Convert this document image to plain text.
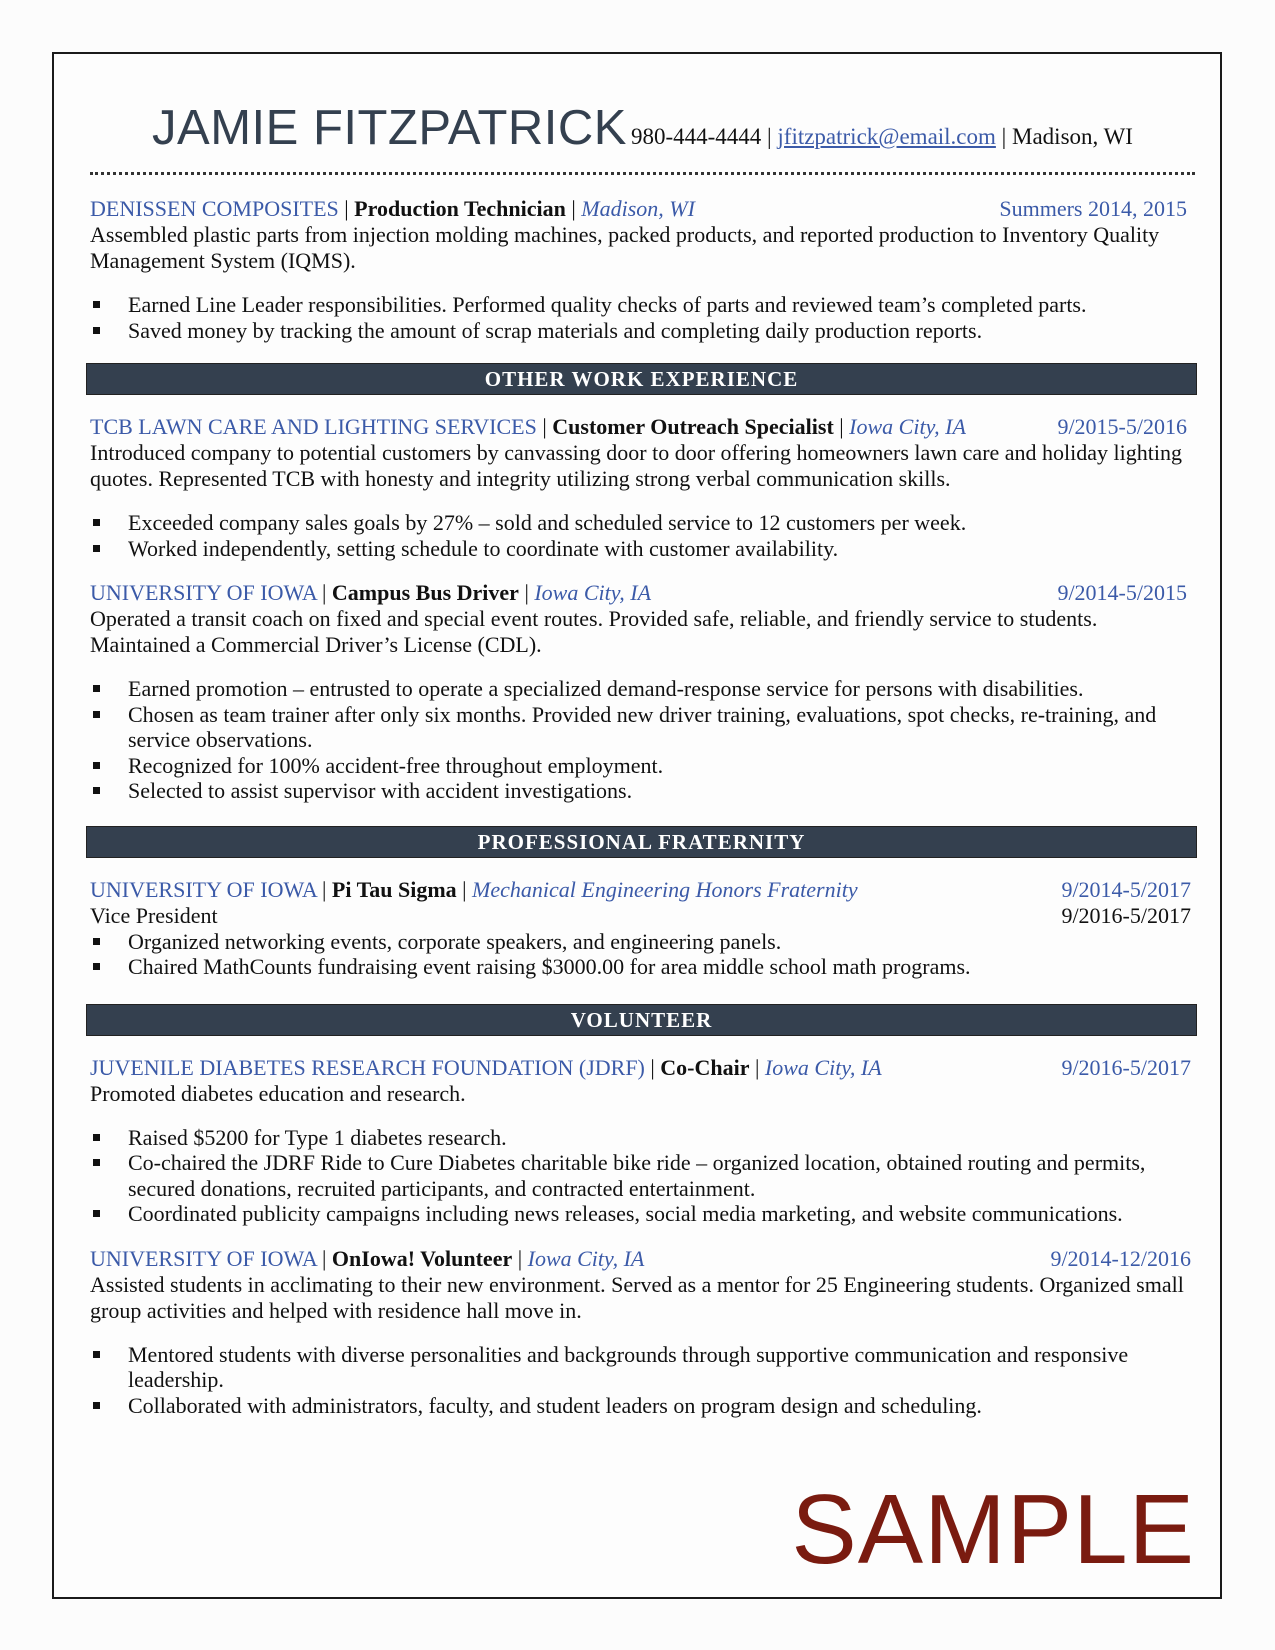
JAMIE FITZPATRICK 980-444-4444 | jfitzpatrick@email.com | Madison, WI
DENISSEN COMPOSITES | Production Technician | Madison, WI	Summers 2014, 2015

Assembled plastic parts from injection molding machines, packed products, and reported production to Inventory Quality Management System (IQMS).

Earned Line Leader responsibilities. Performed quality checks of parts and reviewed team’s completed parts.
Saved money by tracking the amount of scrap materials and completing daily production reports.
OTHER WORK EXPERIENCE
TCB LAWN CARE AND LIGHTING SERVICES | Customer Outreach Specialist | Iowa City, IA	9/2015-5/2016

Introduced company to potential customers by canvassing door to door offering homeowners lawn care and holiday lighting quotes. Represented TCB with honesty and integrity utilizing strong verbal communication skills.

Exceeded company sales goals by 27% – sold and scheduled service to 12 customers per week.
Worked independently, setting schedule to coordinate with customer availability.
UNIVERSITY OF IOWA | Campus Bus Driver | Iowa City, IA	9/2014-5/2015

Operated a transit coach on fixed and special event routes. Provided safe, reliable, and friendly service to students. Maintained a Commercial Driver’s License (CDL).

Earned promotion – entrusted to operate a specialized demand-response service for persons with disabilities.
Chosen as team trainer after only six months. Provided new driver training, evaluations, spot checks, re-training, and service observations.
Recognized for 100% accident-free throughout employment.
Selected to assist supervisor with accident investigations.
PROFESSIONAL FRATERNITY
UNIVERSITY OF IOWA | Pi Tau Sigma | Mechanical Engineering Honors Fraternity	9/2014-5/2017
Vice President	9/2016-5/2017
Organized networking events, corporate speakers, and engineering panels.
Chaired MathCounts fundraising event raising $3000.00 for area middle school math programs.
VOLUNTEER
JUVENILE DIABETES RESEARCH FOUNDATION (JDRF) | Co-Chair | Iowa City, IA	9/2016-5/2017

Promoted diabetes education and research.

Raised $5200 for Type 1 diabetes research.
Co-chaired the JDRF Ride to Cure Diabetes charitable bike ride – organized location, obtained routing and permits, secured donations, recruited participants, and contracted entertainment.
Coordinated publicity campaigns including news releases, social media marketing, and website communications.
UNIVERSITY OF IOWA | OnIowa! Volunteer | Iowa City, IA	9/2014-12/2016

Assisted students in acclimating to their new environment. Served as a mentor for 25 Engineering students. Organized small group activities and helped with residence hall move in.

Mentored students with diverse personalities and backgrounds through supportive communication and responsive leadership.
Collaborated with administrators, faculty, and student leaders on program design and scheduling.
SAMPLE
